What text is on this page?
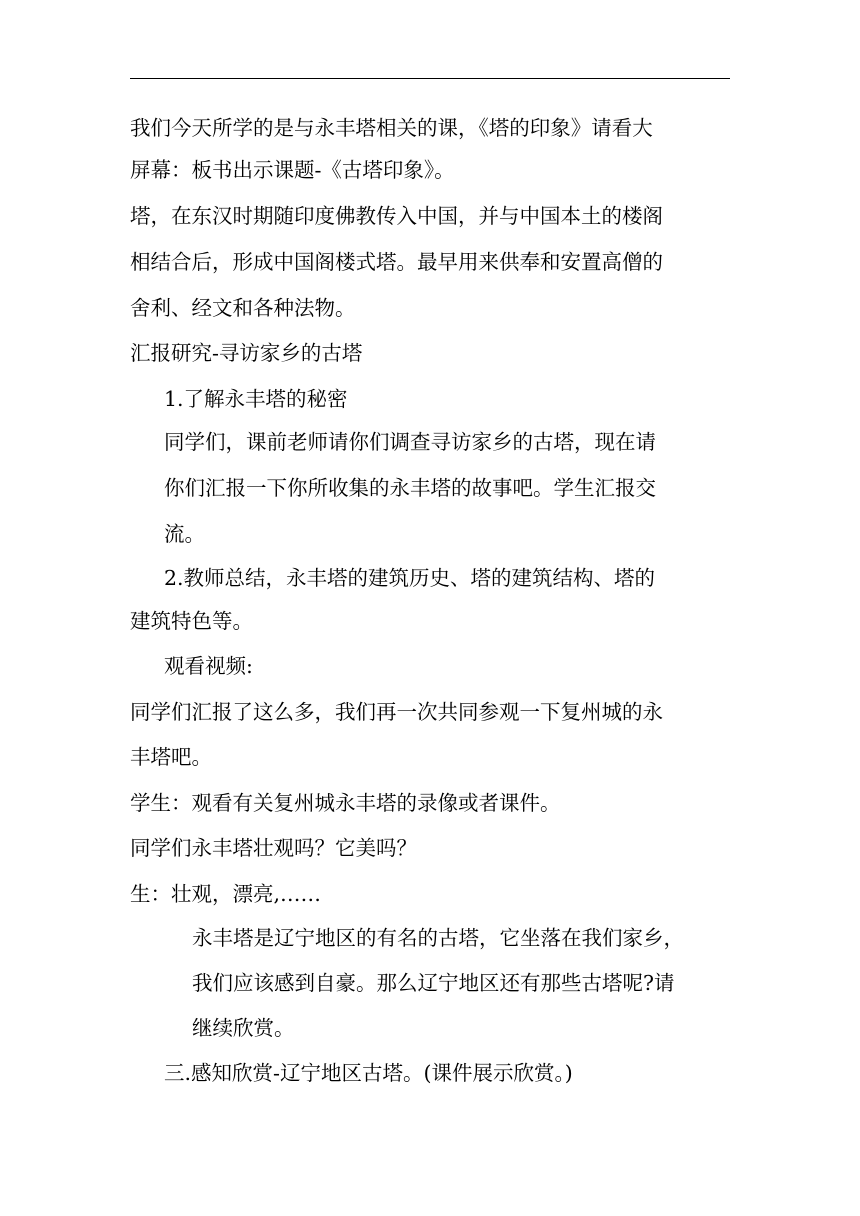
我们今天所学的是与永丰塔相关的课，《塔的印象》请看大
屏幕：板书出示课题-《古塔印象》。
塔，在东汉时期随印度佛教传入中国，并与中国本土的楼阁
相结合后，形成中国阁楼式塔。最早用来供奉和安置高僧的
舍利、经文和各种法物。
汇报研究-寻访家乡的古塔
1.了解永丰塔的秘密
同学们，课前老师请你们调查寻访家乡的古塔，现在请
你们汇报一下你所收集的永丰塔的故事吧。学生汇报交
流。
2.教师总结，永丰塔的建筑历史、塔的建筑结构、塔的
建筑特色等。
观看视频:
同学们汇报了这么多，我们再一次共同参观一下复州城的永
丰塔吧。
学生：观看有关复州城永丰塔的录像或者课件。
同学们永丰塔壮观吗？它美吗？
生：壮观，漂亮,……
永丰塔是辽宁地区的有名的古塔，它坐落在我们家乡，
我们应该感到自豪。那么辽宁地区还有那些古塔呢?请
继续欣赏。
三.感知欣赏-辽宁地区古塔。(课件展示欣赏。)
